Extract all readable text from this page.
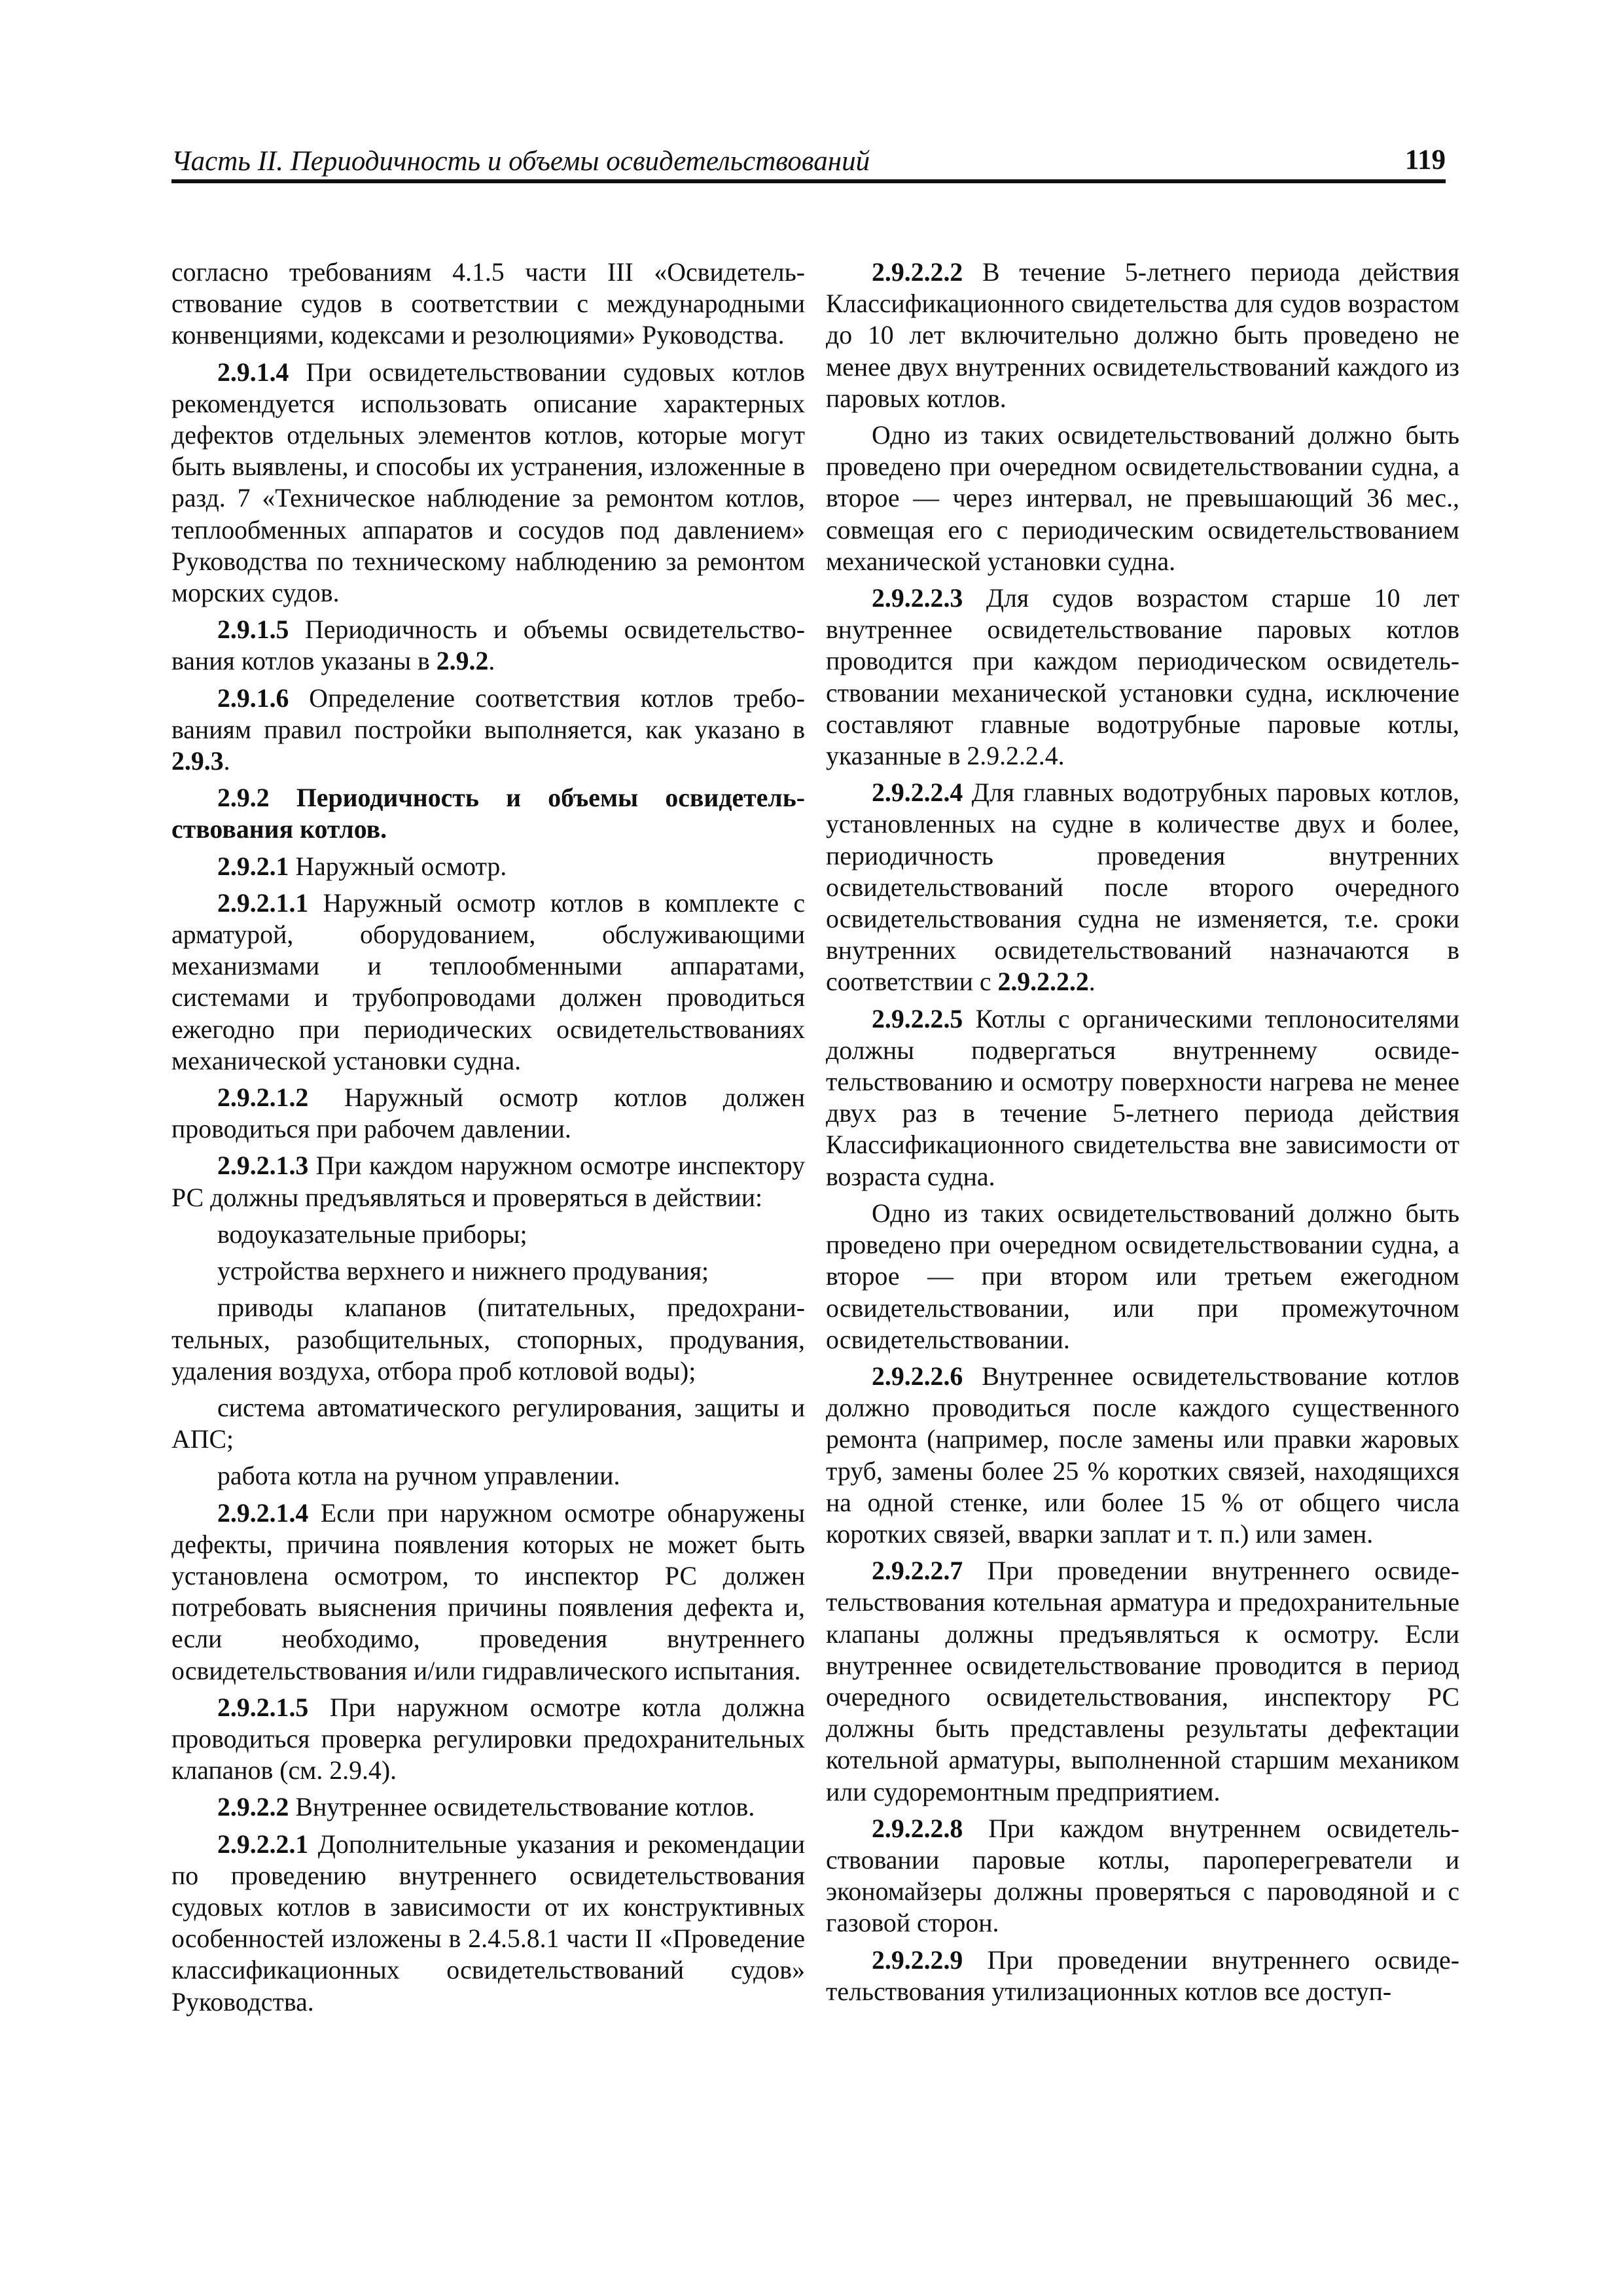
Часть II. Периодичность и объемы освидетельствований	119

согласно требованиям 4.1.5 части III «Освидетельствование судов в соответствии с международными конвенциями, кодексами и резолюциями» Руководства.

2.9.1.4 При освидетельствовании судовых котлов рекомендуется использовать описание характерных дефектов отдельных элементов котлов, которые могут быть выявлены, и способы их устранения, изложенные в разд. 7 «Техническое наблюдение за ремонтом котлов, теплообменных аппаратов и сосудов под давлением» Руководства по техническому наблюдению за ремонтом морских судов.

2.9.1.5 Периодичность и объемы освидетельствования котлов указаны в 2.9.2.

2.9.1.6 Определение соответствия котлов требованиям правил постройки выполняется, как указано в 2.9.3.

2.9.2 Периодичность и объемы освидетельствования котлов.

2.9.2.1 Наружный осмотр.

2.9.2.1.1 Наружный осмотр котлов в комплекте с арматурой, оборудованием, обслуживающими механизмами и теплообменными аппаратами, системами и трубопроводами должен проводиться ежегодно при периодических освидетельствованиях механической установки судна.

2.9.2.1.2 Наружный осмотр котлов должен проводиться при рабочем давлении.

2.9.2.1.3 При каждом наружном осмотре инспектору РС должны предъявляться и проверяться в действии:

водоуказательные приборы;

устройства верхнего и нижнего продувания;

приводы клапанов (питательных, предохранительных, разобщительных, стопорных, продувания, удаления воздуха, отбора проб котловой воды);

система автоматического регулирования, защиты и АПС;

работа котла на ручном управлении.

2.9.2.1.4 Если при наружном осмотре обнаружены дефекты, причина появления которых не может быть установлена осмотром, то инспектор РС должен потребовать выяснения причины появления дефекта и, если необходимо, проведения внутреннего освидетельствования и/или гидравлического испытания.

2.9.2.1.5 При наружном осмотре котла должна проводиться проверка регулировки предохранительных клапанов (см. 2.9.4).

2.9.2.2 Внутреннее освидетельствование котлов.

2.9.2.2.1 Дополнительные указания и рекомендации по проведению внутреннего освидетельствования судовых котлов в зависимости от их конструктивных особенностей изложены в 2.4.5.8.1 части II «Проведение классификационных освидетельствований судов» Руководства.

2.9.2.2.2 В течение 5-летнего периода действия Классификационного свидетельства для судов возрастом до 10 лет включительно должно быть проведено не менее двух внутренних освидетельствований каждого из паровых котлов.

Одно из таких освидетельствований должно быть проведено при очередном освидетельствовании судна, а второе — через интервал, не превышающий 36 мес., совмещая его с периодическим освидетельствованием механической установки судна.

2.9.2.2.3 Для судов возрастом старше 10 лет внутреннее освидетельствование паровых котлов проводится при каждом периодическом освидетельствовании механической установки судна, исключение составляют главные водотрубные паровые котлы, указанные в 2.9.2.2.4.

2.9.2.2.4 Для главных водотрубных паровых котлов, установленных на судне в количестве двух и более, периодичность проведения внутренних освидетельствований после второго очередного освидетельствования судна не изменяется, т.е. сроки внутренних освидетельствований назначаются в соответствии с 2.9.2.2.2.

2.9.2.2.5 Котлы с органическими теплоносителями должны подвергаться внутреннему освидетельствованию и осмотру поверхности нагрева не менее двух раз в течение 5-летнего периода действия Классификационного свидетельства вне зависимости от возраста судна.

Одно из таких освидетельствований должно быть проведено при очередном освидетельствовании судна, а второе — при втором или третьем ежегодном освидетельствовании, или при промежуточном освидетельствовании.

2.9.2.2.6 Внутреннее освидетельствование котлов должно проводиться после каждого существенного ремонта (например, после замены или правки жаровых труб, замены более 25 % коротких связей, находящихся на одной стенке, или более 15 % от общего числа коротких связей, вварки заплат и т. п.) или замен.

2.9.2.2.7 При проведении внутреннего освидетельствования котельная арматура и предохранительные клапаны должны предъявляться к осмотру. Если внутреннее освидетельствование проводится в период очередного освидетельствования, инспектору РС должны быть представлены результаты дефектации котельной арматуры, выполненной старшим механиком или судоремонтным предприятием.

2.9.2.2.8 При каждом внутреннем освидетельствовании паровые котлы, пароперегреватели и экономайзеры должны проверяться с пароводяной и с газовой сторон.

2.9.2.2.9 При проведении внутреннего освидетельствования утилизационных котлов все доступ-
